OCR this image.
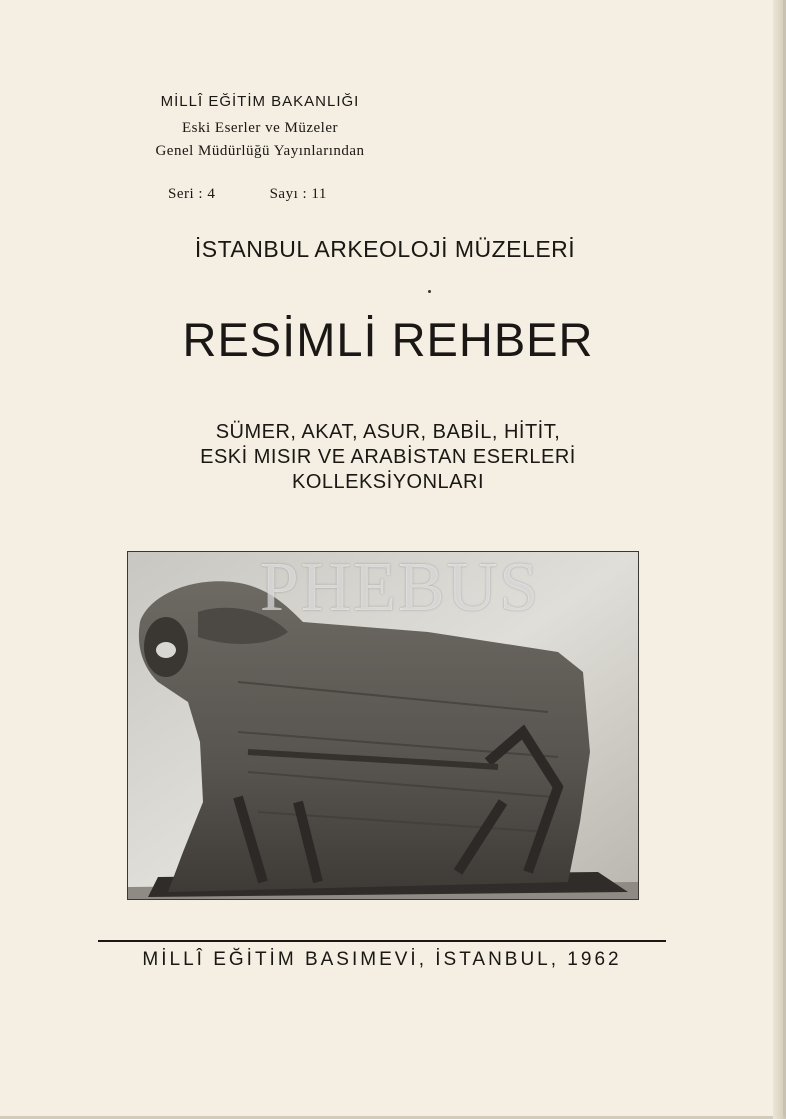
MİLLÎ EĞİTİM BAKANLIĞI
Eski Eserler ve Müzeler
Genel Müdürlüğü Yayınlarından
Seri : 4	Sayı : 11
İSTANBUL ARKEOLOJİ MÜZELERİ
RESİMLİ REHBER
SÜMER, AKAT, ASUR, BABİL, HİTİT,
ESKİ MISIR VE ARABİSTAN ESERLERİ
KOLLEKSİYONLARI
PHEBUS
MİLLÎ EĞİTİM BASIMEVİ, İSTANBUL, 1962
